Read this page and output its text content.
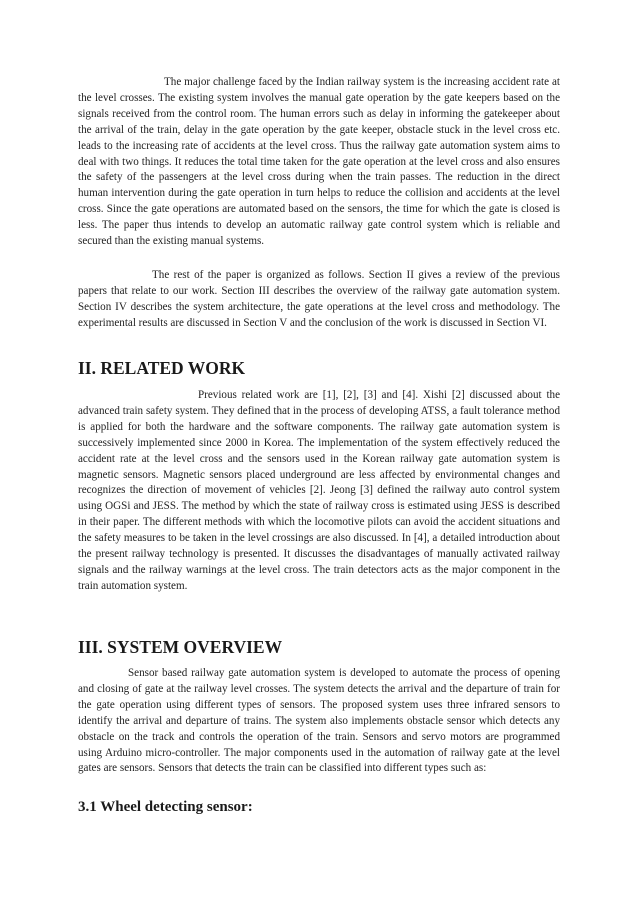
The major challenge faced by the Indian railway system is the increasing accident rate at the level crosses. The existing system involves the manual gate operation by the gate keepers based on the signals received from the control room. The human errors such as delay in informing the gatekeeper about the arrival of the train, delay in the gate operation by the gate keeper, obstacle stuck in the level cross etc. leads to the increasing rate of accidents at the level cross. Thus the railway gate automation system aims to deal with two things. It reduces the total time taken for the gate operation at the level cross and also ensures the safety of the passengers at the level cross during when the train passes. The reduction in the direct human intervention during the gate operation in turn helps to reduce the collision and accidents at the level cross. Since the gate operations are automated based on the sensors, the time for which the gate is closed is less. The paper thus intends to develop an automatic railway gate control system which is reliable and secured than the existing manual systems.

The rest of the paper is organized as follows. Section II gives a review of the previous papers that relate to our work. Section III describes the overview of the railway gate automation system. Section IV describes the system architecture, the gate operations at the level cross and methodology. The experimental results are discussed in Section V and the conclusion of the work is discussed in Section VI.

II. RELATED WORK

Previous related work are [1], [2], [3] and [4]. Xishi [2] discussed about the advanced train safety system. They defined that in the process of developing ATSS, a fault tolerance method is applied for both the hardware and the software components. The railway gate automation system is successively implemented since 2000 in Korea. The implementation of the system effectively reduced the accident rate at the level cross and the sensors used in the Korean railway gate automation system is magnetic sensors. Magnetic sensors placed underground are less affected by environmental changes and recognizes the direction of movement of vehicles [2]. Jeong [3] defined the railway auto control system using OGSi and JESS. The method by which the state of railway cross is estimated using JESS is described in their paper. The different methods with which the locomotive pilots can avoid the accident situations and the safety measures to be taken in the level crossings are also discussed. In [4], a detailed introduction about the present railway technology is presented. It discusses the disadvantages of manually activated railway signals and the railway warnings at the level cross. The train detectors acts as the major component in the train automation system.

III. SYSTEM OVERVIEW

Sensor based railway gate automation system is developed to automate the process of opening and closing of gate at the railway level crosses. The system detects the arrival and the departure of train for the gate operation using different types of sensors. The proposed system uses three infrared sensors to identify the arrival and departure of trains. The system also implements obstacle sensor which detects any obstacle on the track and controls the operation of the train. Sensors and servo motors are programmed using Arduino micro-controller. The major components used in the automation of railway gate at the level gates are sensors. Sensors that detects the train can be classified into different types such as:

3.1 Wheel detecting sensor:
